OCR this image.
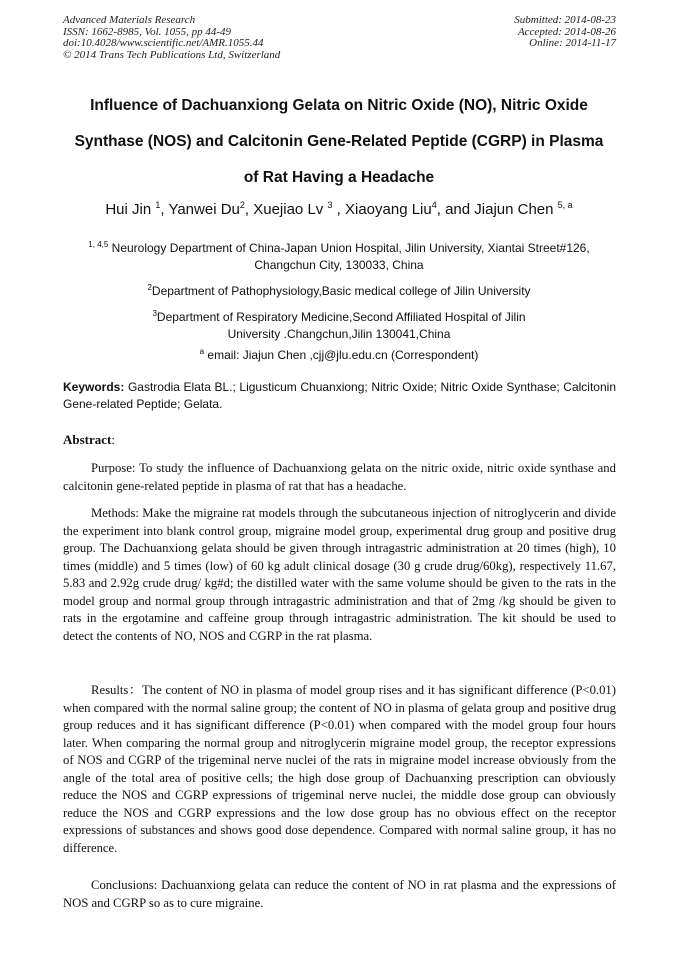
Advanced Materials Research
ISSN: 1662-8985, Vol. 1055, pp 44-49
doi:10.4028/www.scientific.net/AMR.1055.44
© 2014 Trans Tech Publications Ltd, Switzerland
Submitted: 2014-08-23
Accepted: 2014-08-26
Online: 2014-11-17
Influence of Dachuanxiong Gelata on Nitric Oxide (NO), Nitric Oxide
Synthase (NOS) and Calcitonin Gene-Related Peptide (CGRP) in Plasma
of Rat Having a Headache
Hui Jin $^1$, Yanwei Du$^2$, Xuejiao Lv $^3$ , Xiaoyang Liu$^4$, and Jiajun Chen $^{5, a}$
$^{1, 4,5}$ Neurology Department of China-Japan Union Hospital, Jilin University, Xiantai Street#126,
Changchun City, 130033, China
$^2$Department of Pathophysiology,Basic medical college of Jilin University
$^3$Department of Respiratory Medicine,Second Affiliated Hospital of Jilin
University .Changchun,Jilin 130041,China
$^a$ email: Jiajun Chen ,cjj@jlu.edu.cn (Correspondent)
Keywords: Gastrodia Elata BL.; Ligusticum Chuanxiong; Nitric Oxide; Nitric Oxide Synthase; Calcitonin Gene-related Peptide; Gelata.
Abstract:
Purpose: To study the influence of Dachuanxiong gelata on the nitric oxide, nitric oxide synthase and calcitonin gene-related peptide in plasma of rat that has a headache.
Methods: Make the migraine rat models through the subcutaneous injection of nitroglycerin and divide the experiment into blank control group, migraine model group, experimental drug group and positive drug group. The Dachuanxiong gelata should be given through intragastric administration at 20 times (high), 10 times (middle) and 5 times (low) of 60 kg adult clinical dosage (30 g crude drug/60kg), respectively 11.67, 5.83 and 2.92g crude drug/ kg#d; the distilled water with the same volume should be given to the rats in the model group and normal group through intragastric administration and that of 2mg /kg should be given to rats in the ergotamine and caffeine group through intragastric administration. The kit should be used to detect the contents of NO, NOS and CGRP in the rat plasma.
Results：The content of NO in plasma of model group rises and it has significant difference (P<0.01) when compared with the normal saline group; the content of NO in plasma of gelata group and positive drug group reduces and it has significant difference (P<0.01) when compared with the model group four hours later. When comparing the normal group and nitroglycerin migraine model group, the receptor expressions of NOS and CGRP of the trigeminal nerve nuclei of the rats in migraine model increase obviously from the angle of the total area of positive cells; the high dose group of Dachuanxing prescription can obviously reduce the NOS and CGRP expressions of trigeminal nerve nuclei, the middle dose group can obviously reduce the NOS and CGRP expressions and the low dose group has no obvious effect on the receptor expressions of substances and shows good dose dependence. Compared with normal saline group, it has no difference.
Conclusions: Dachuanxiong gelata can reduce the content of NO in rat plasma and the expressions of NOS and CGRP so as to cure migraine.
